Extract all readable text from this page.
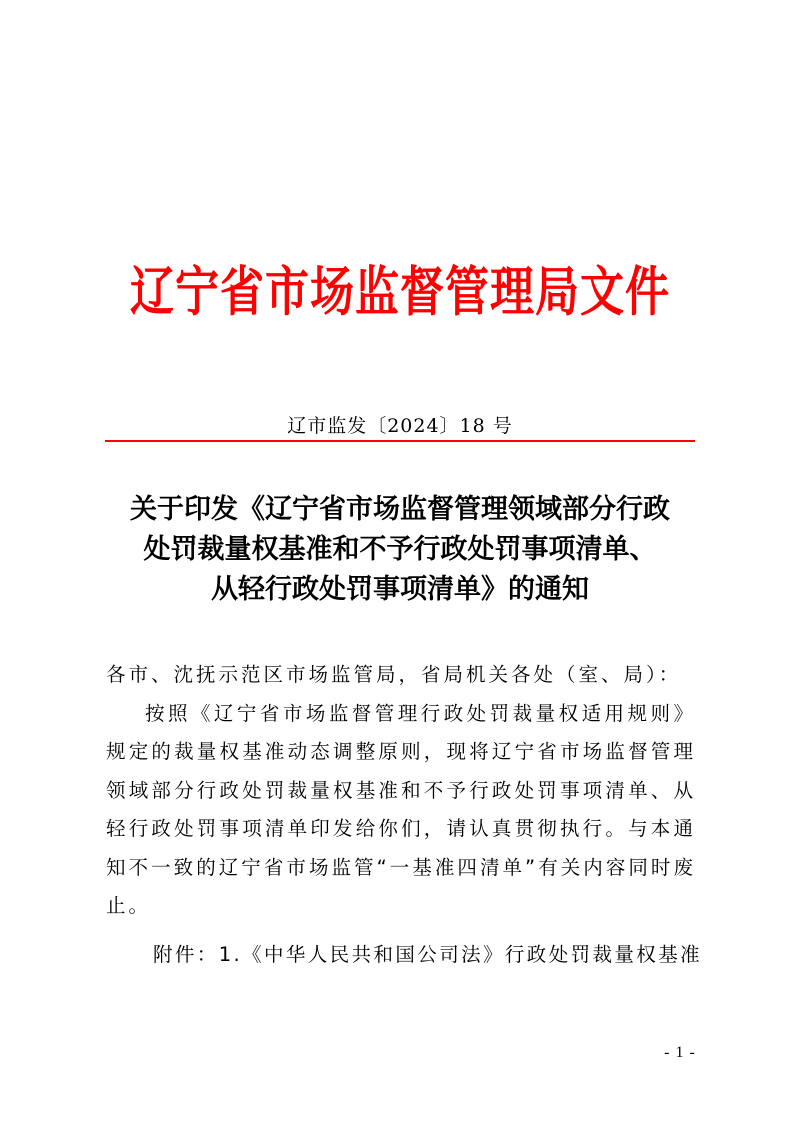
辽宁省市场监督管理局文件
辽市监发〔2024〕18 号
关于印发《辽宁省市场监督管理领域部分行政
处罚裁量权基准和不予行政处罚事项清单、
从轻行政处罚事项清单》的通知

各市、沈抚示范区市场监管局，省局机关各处（室、局）：

按照《辽宁省市场监督管理行政处罚裁量权适用规则》规定的裁量权基准动态调整原则，现将辽宁省市场监督管理领域部分行政处罚裁量权基准和不予行政处罚事项清单、从轻行政处罚事项清单印发给你们，请认真贯彻执行。与本通知不一致的辽宁省市场监管“一基准四清单”有关内容同时废止。

附件：1.《中华人民共和国公司法》行政处罚裁量权基准
- 1 -
